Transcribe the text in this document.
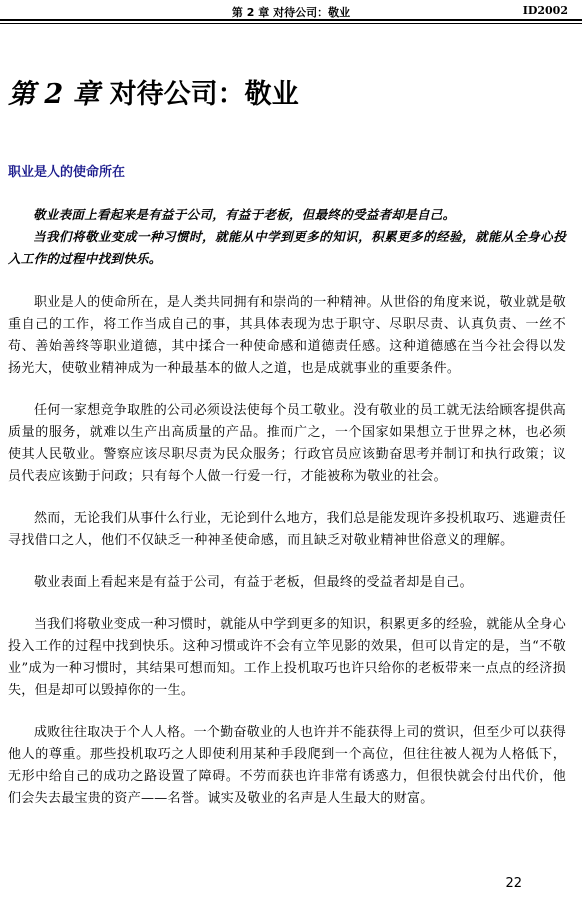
第 2 章 对待公司：敬业	ID2002
第 2 章 对待公司：敬业
职业是人的使命所在

敬业表面上看起来是有益于公司，有益于老板，但最终的受益者却是自己。

当我们将敬业变成一种习惯时，就能从中学到更多的知识，积累更多的经验，就能从全身心投入工作的过程中找到快乐。

职业是人的使命所在，是人类共同拥有和崇尚的一种精神。从世俗的角度来说，敬业就是敬重自己的工作，将工作当成自己的事，其具体表现为忠于职守、尽职尽责、认真负责、一丝不苟、善始善终等职业道德，其中揉合一种使命感和道德责任感。这种道德感在当今社会得以发扬光大，使敬业精神成为一种最基本的做人之道，也是成就事业的重要条件。

任何一家想竞争取胜的公司必须设法使每个员工敬业。没有敬业的员工就无法给顾客提供高质量的服务，就难以生产出高质量的产品。推而广之，一个国家如果想立于世界之林，也必须使其人民敬业。警察应该尽职尽责为民众服务；行政官员应该勤奋思考并制订和执行政策；议员代表应该勤于问政；只有每个人做一行爱一行，才能被称为敬业的社会。

然而，无论我们从事什么行业，无论到什么地方，我们总是能发现许多投机取巧、逃避责任寻找借口之人，他们不仅缺乏一种神圣使命感，而且缺乏对敬业精神世俗意义的理解。

敬业表面上看起来是有益于公司，有益于老板，但最终的受益者却是自己。

当我们将敬业变成一种习惯时，就能从中学到更多的知识，积累更多的经验，就能从全身心投入工作的过程中找到快乐。这种习惯或许不会有立竿见影的效果，但可以肯定的是，当“不敬业”成为一种习惯时，其结果可想而知。工作上投机取巧也许只给你的老板带来一点点的经济损失，但是却可以毁掉你的一生。

成败往往取决于个人人格。一个勤奋敬业的人也许并不能获得上司的赏识，但至少可以获得他人的尊重。那些投机取巧之人即使利用某种手段爬到一个高位，但往往被人视为人格低下，无形中给自己的成功之路设置了障碍。不劳而获也许非常有诱惑力，但很快就会付出代价，他们会失去最宝贵的资产——名誉。诚实及敬业的名声是人生最大的财富。

22
